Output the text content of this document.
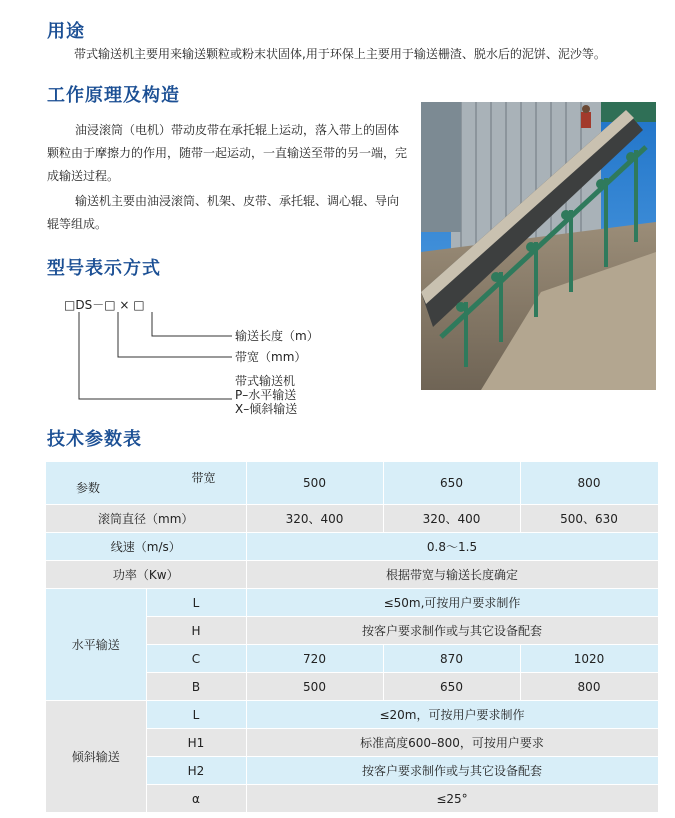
用途
带式输送机主要用来输送颗粒或粉末状固体,用于环保上主要用于输送栅渣、脱水后的泥饼、泥沙等。
工作原理及构造
油浸滚筒（电机）带动皮带在承托辊上运动，落入带上的固体颗粒由于摩擦力的作用，随带一起运动，一直输送至带的另一端，完成输送过程。
输送机主要由油浸滚筒、机架、皮带、承托辊、调心辊、导向辊等组成。
型号表示方式
□DS－□ × □
输送长度（m）
带宽（mm）
带式输送机
P–水平输送
X–倾斜输送
技术参数表
带宽
参数		500	650	800
滚筒直径（mm）		320、400	320、400	500、630
线速（m/s）		0.8～1.5		
功率（Kw）		根据带宽与输送长度确定		
水平输送	L	≤50m,可按用户要求制作		
	H	按客户要求制作或与其它设备配套		
	C	720	870	1020
	B	500	650	800
倾斜输送	L	≤20m，可按用户要求制作		
	H1	标准高度600–800，可按用户要求		
	H2	按客户要求制作或与其它设备配套		
	α	≤25°		
